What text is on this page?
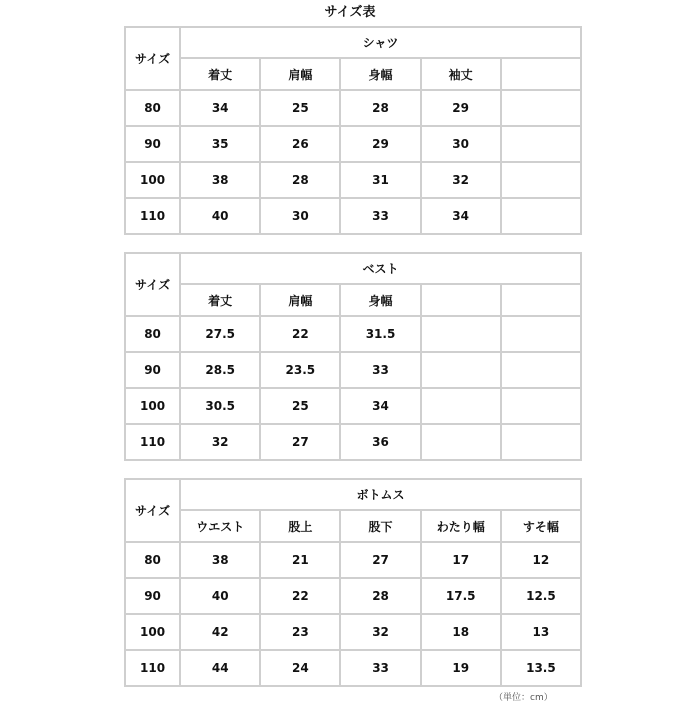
サイズ表
サイズ	シャツ				
	着丈	肩幅	身幅	袖丈	
80	34	25	28	29	
90	35	26	29	30	
100	38	28	31	32	
110	40	30	33	34	
サイズ	ベスト				
	着丈	肩幅	身幅		
80	27.5	22	31.5		
90	28.5	23.5	33		
100	30.5	25	34		
110	32	27	36		
サイズ	ボトムス				
	ウエスト	股上	股下	わたり幅	すそ幅
80	38	21	27	17	12
90	40	22	28	17.5	12.5
100	42	23	32	18	13
110	44	24	33	19	13.5
（単位：cm）
